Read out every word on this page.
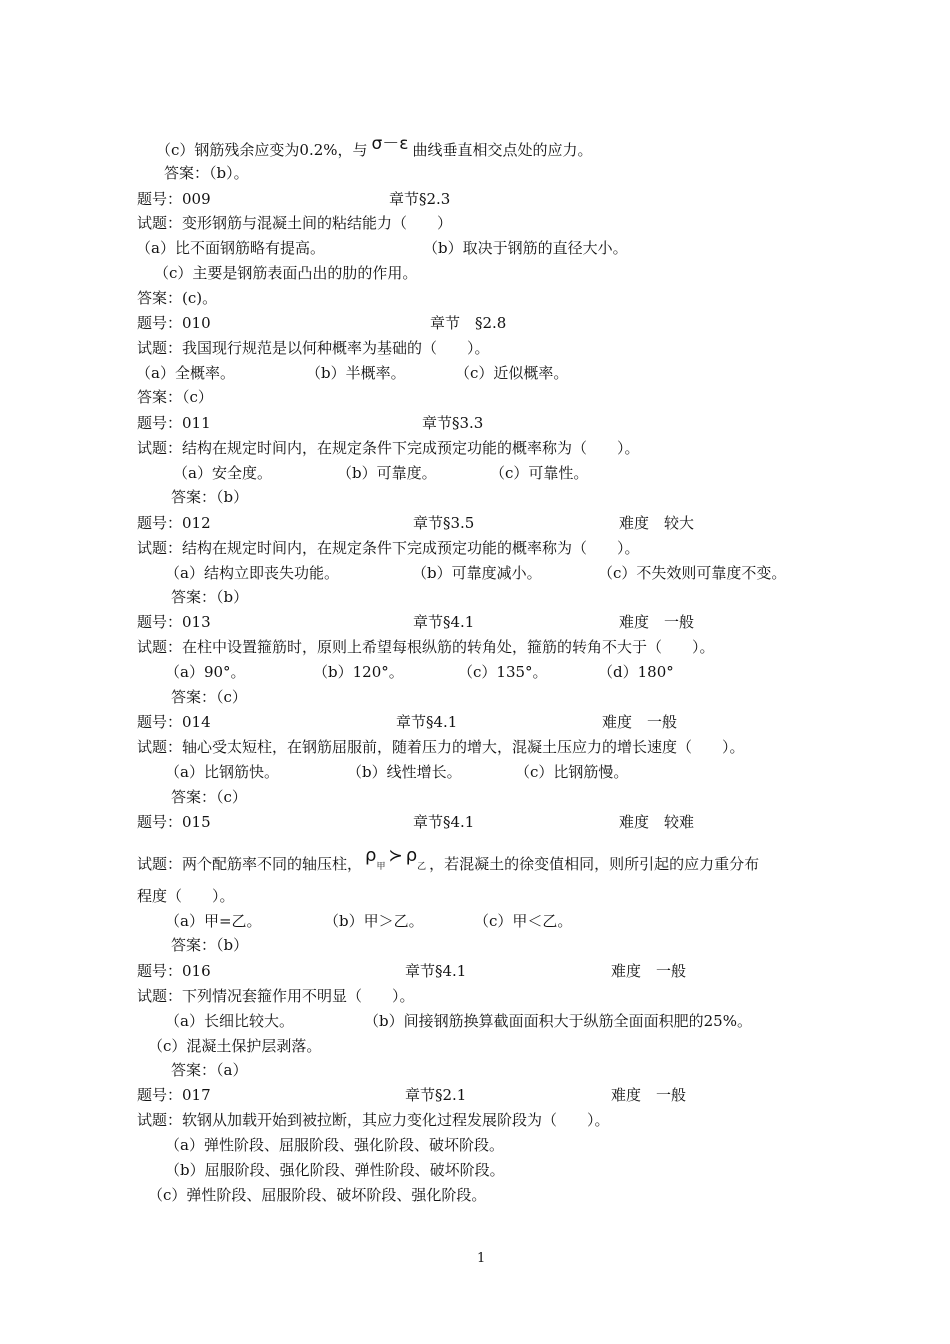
（c）钢筋残余应变为0.2%，与 σ－ε 曲线垂直相交点处的应力。
答案：（b）。
题号：009	章节§2.3
试题：变形钢筋与混凝土间的粘结能力（　　）
（a）比不面钢筋略有提高。	（b）取决于钢筋的直径大小。
（c）主要是钢筋表面凸出的肋的作用。
答案：(c)。
题号：010	章节　§2.8
试题：我国现行规范是以何种概率为基础的（　　）。
（a）全概率。	（b）半概率。	（c）近似概率。
答案：（c）
题号：011	章节§3.3
试题：结构在规定时间内，在规定条件下完成预定功能的概率称为（　　）。
（a）安全度。	（b）可靠度。	（c）可靠性。
答案：（b）
题号：012	章节§3.5	难度　较大
试题：结构在规定时间内，在规定条件下完成预定功能的概率称为（　　）。
（a）结构立即丧失功能。	（b）可靠度减小。	（c）不失效则可靠度不变。
答案：（b）
题号：013	章节§4.1	难度　一般
试题：在柱中设置箍筋时，原则上希望每根纵筋的转角处，箍筋的转角不大于（　　）。
（a）90°。	（b）120°。	（c）135°。	（d）180°
答案：（c）
题号：014	章节§4.1	难度　一般
试题：轴心受太短柱，在钢筋屈服前，随着压力的增大，混凝土压应力的增长速度（　　）。
（a）比钢筋快。	（b）线性增长。	（c）比钢筋慢。
答案：（c）
题号：015	章节§4.1	难度　较难
试题：两个配筋率不同的轴压柱， ρ甲≻ ρ乙 ，若混凝土的徐变值相同，则所引起的应力重分布
程度（　　）。
（a）甲=乙。	（b）甲＞乙。	（c）甲＜乙。
答案：（b）
题号：016	章节§4.1	难度　一般
试题：下列情况套箍作用不明显（　　）。
（a）长细比较大。	（b）间接钢筋换算截面面积大于纵筋全面面积肥的25%。
（c）混凝土保护层剥落。
答案：（a）
题号：017	章节§2.1	难度　一般
试题：软钢从加载开始到被拉断，其应力变化过程发展阶段为（　　）。
（a）弹性阶段、屈服阶段、强化阶段、破坏阶段。
（b）屈服阶段、强化阶段、弹性阶段、破坏阶段。
（c）弹性阶段、屈服阶段、破坏阶段、强化阶段。
1
